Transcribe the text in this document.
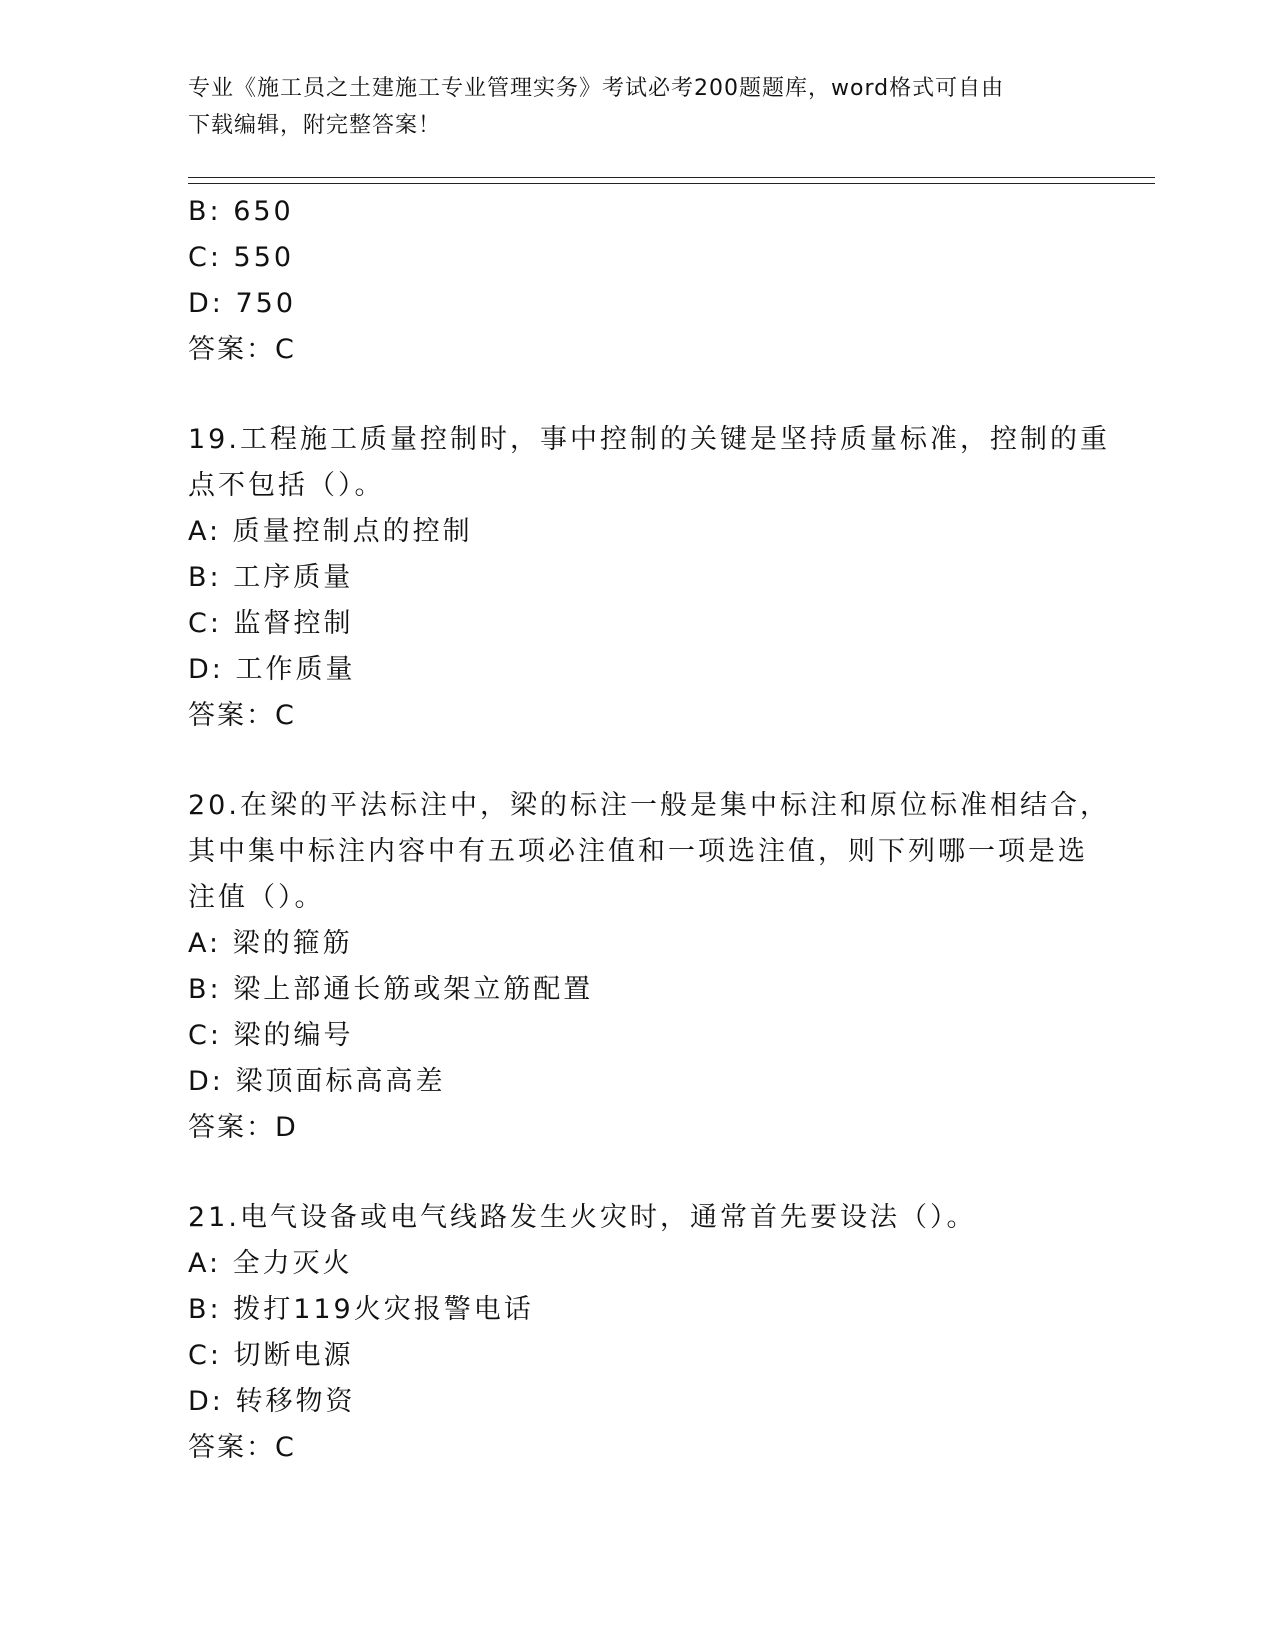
专业《施工员之土建施工专业管理实务》考试必考200题题库，word格式可自由
下载编辑，附完整答案！
B: 650
C: 550
D: 750
答案：C
19.工程施工质量控制时，事中控制的关键是坚持质量标准，控制的重
点不包括（）。
A: 质量控制点的控制
B: 工序质量
C: 监督控制
D: 工作质量
答案：C
20.在梁的平法标注中，梁的标注一般是集中标注和原位标准相结合，
其中集中标注内容中有五项必注值和一项选注值，则下列哪一项是选
注值（）。
A: 梁的箍筋
B: 梁上部通长筋或架立筋配置
C: 梁的编号
D: 梁顶面标高高差
答案：D
21.电气设备或电气线路发生火灾时，通常首先要设法（）。
A: 全力灭火
B: 拨打119火灾报警电话
C: 切断电源
D: 转移物资
答案：C
